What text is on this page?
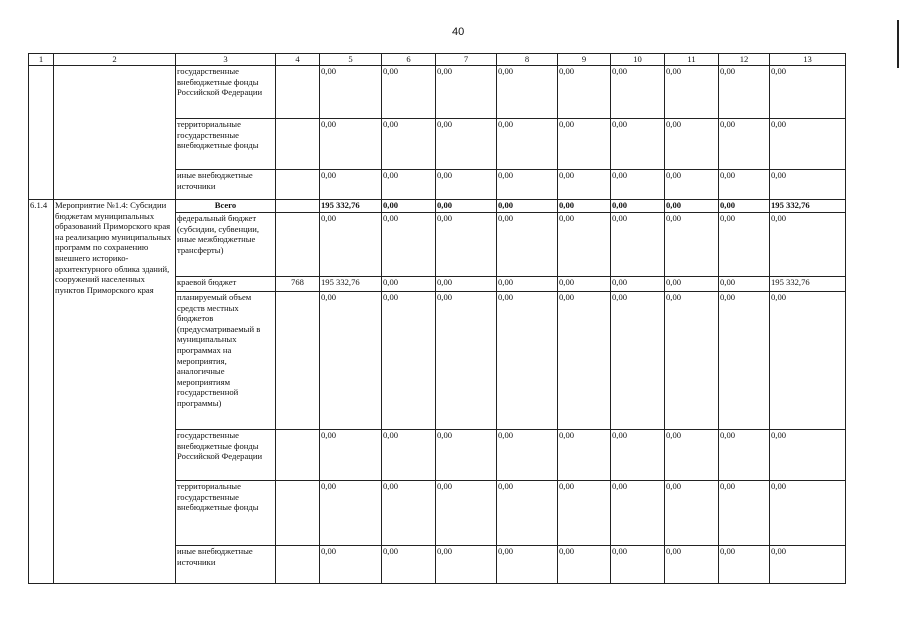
40
1	2	3	4	5	6	7	8	9	10	11	12	13
		государственные внебюджетные фонды Российской Федерации		0,00	0,00	0,00	0,00	0,00	0,00	0,00	0,00	0,00
		территориальные государственные внебюджетные фонды		0,00	0,00	0,00	0,00	0,00	0,00	0,00	0,00	0,00
		иные внебюджетные источники		0,00	0,00	0,00	0,00	0,00	0,00	0,00	0,00	0,00
6.1.4	Мероприятие №1.4: Субсидии бюджетам муниципальных образований Приморского края на реализацию муниципальных программ по сохранению внешнего историко-архитектурного облика зданий, сооружений населенных пунктов Приморского края	Всего		195 332,76	0,00	0,00	0,00	0,00	0,00	0,00	0,00	195 332,76
		федеральный бюджет (субсидии, субвенции, иные межбюджетные трансферты)		0,00	0,00	0,00	0,00	0,00	0,00	0,00	0,00	0,00
		краевой бюджет	768	195 332,76	0,00	0,00	0,00	0,00	0,00	0,00	0,00	195 332,76
		планируемый объем средств местных бюджетов (предусматриваемый в муниципальных программах на мероприятия, аналогичные мероприятиям государственной программы)		0,00	0,00	0,00	0,00	0,00	0,00	0,00	0,00	0,00
		государственные внебюджетные фонды Российской Федерации		0,00	0,00	0,00	0,00	0,00	0,00	0,00	0,00	0,00
		территориальные государственные внебюджетные фонды		0,00	0,00	0,00	0,00	0,00	0,00	0,00	0,00	0,00
		иные внебюджетные источники		0,00	0,00	0,00	0,00	0,00	0,00	0,00	0,00	0,00
